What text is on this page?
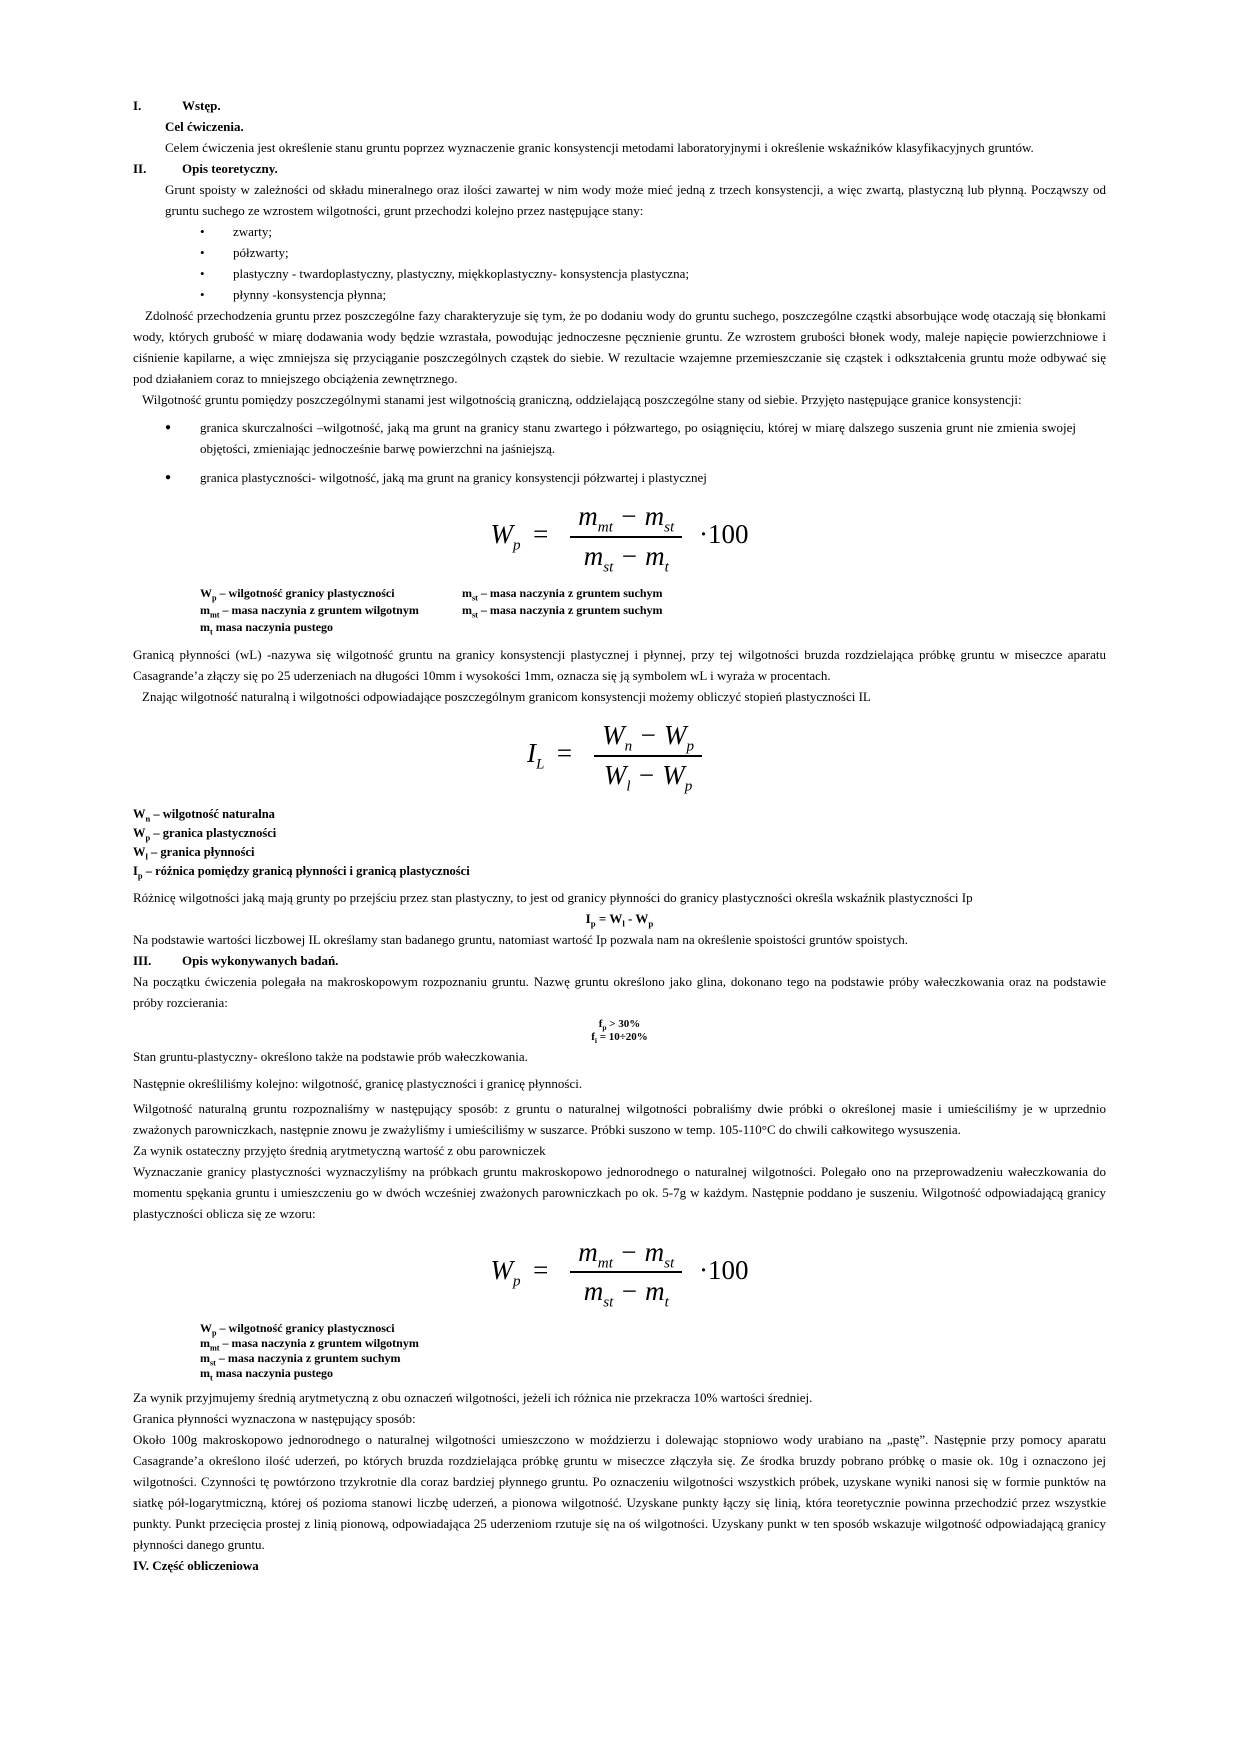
I.	Wstęp.
Cel ćwiczenia.

Celem ćwiczenia jest określenie stanu gruntu poprzez wyznaczenie granic konsystencji metodami laboratoryjnymi i określenie wskaźników klasyfikacyjnych gruntów.

II.	Opis teoretyczny.

Grunt spoisty w zależności od składu mineralnego oraz ilości zawartej w nim wody może mieć jedną z trzech konsystencji, a więc zwartą, plastyczną lub płynną. Począwszy od gruntu suchego ze wzrostem wilgotności, grunt przechodzi kolejno przez następujące stany:

• zwarty;
• półzwarty;
• plastyczny - twardoplastyczny, plastyczny, miękkoplastyczny- konsystencja plastyczna;
• płynny -konsystencja płynna;

Zdolność przechodzenia gruntu przez poszczególne fazy charakteryzuje się tym, że po dodaniu wody do gruntu suchego, poszczególne cząstki absorbujące wodę otaczają się błonkami wody, których grubość w miarę dodawania wody będzie wzrastała, powodując jednoczesne pęcznienie gruntu. Ze wzrostem grubości błonek wody, maleje napięcie powierzchniowe i ciśnienie kapilarne, a więc zmniejsza się przyciąganie poszczególnych cząstek do siebie. W rezultacie wzajemne przemieszczanie się cząstek i odkształcenia gruntu może odbywać się pod działaniem coraz to mniejszego obciążenia zewnętrznego.

Wilgotność gruntu pomiędzy poszczególnymi stanami jest wilgotnością graniczną, oddzielającą poszczególne stany od siebie. Przyjęto następujące granice konsystencji:

● granica skurczalności –wilgotność, jaką ma grunt na granicy stanu zwartego i półzwartego, po osiągnięciu, której w miarę dalszego suszenia grunt nie zmienia swojej objętości, zmieniając jednocześnie barwę powierzchni na jaśniejszą.
● granica plastyczności- wilgotność, jaką ma grunt na granicy konsystencji półzwartej i plastycznej
$W_p = \frac{m_{mt} - m_{st}}{m_{st} - m_t} \cdot 100$
$W_p$ – wilgotność granicy plastyczności	$m_{st}$ – masa naczynia z gruntem suchym
$m_{mt}$ – masa naczynia z gruntem wilgotnym	$m_{st}$ – masa naczynia z gruntem suchym
$m_t$ masa naczynia pustego

Granicą płynności (wL) -nazywa się wilgotność gruntu na granicy konsystencji plastycznej i płynnej, przy tej wilgotności bruzda rozdzielająca próbkę gruntu w miseczce aparatu Casagrande’a złączy się po 25 uderzeniach na długości 10mm i wysokości 1mm, oznacza się ją symbolem wL i wyraża w procentach.

Znając wilgotność naturalną i wilgotności odpowiadające poszczególnym granicom konsystencji możemy obliczyć stopień plastyczności IL

$I_L = \frac{W_n - W_p}{W_l - W_p}$
$W_n$ – wilgotność naturalna
$W_p$ – granica plastyczności
$W_l$ – granica płynności
$I_p$ – różnica pomiędzy granicą płynności i granicą plastyczności

Różnicę wilgotności jaką mają grunty po przejściu przez stan plastyczny, to jest od granicy płynności do granicy plastyczności określa wskaźnik plastyczności Ip

$I_p = W_l - W_p$

Na podstawie wartości liczbowej IL określamy stan badanego gruntu, natomiast wartość Ip pozwala nam na określenie spoistości gruntów spoistych.

III. Opis wykonywanych badań.

Na początku ćwiczenia polegała na makroskopowym rozpoznaniu gruntu. Nazwę gruntu określono jako glina, dokonano tego na podstawie próby wałeczkowania oraz na podstawie próby rozcierania:

$f_p > 30\%$
$f_i = 10\div 20\%$

Stan gruntu-plastyczny- określono także na podstawie prób wałeczkowania.

Następnie określiliśmy kolejno: wilgotność, granicę plastyczności i granicę płynności.

Wilgotność naturalną gruntu rozpoznaliśmy w następujący sposób: z gruntu o naturalnej wilgotności pobraliśmy dwie próbki o określonej masie i umieściliśmy je w uprzednio zważonych parowniczkach, następnie znowu je zważyliśmy i umieściliśmy w suszarce. Próbki suszono w temp. 105-110°C do chwili całkowitego wysuszenia.

Za wynik ostateczny przyjęto średnią arytmetyczną wartość z obu parowniczek

Wyznaczanie granicy plastyczności wyznaczyliśmy na próbkach gruntu makroskopowo jednorodnego o naturalnej wilgotności. Polegało ono na przeprowadzeniu wałeczkowania do momentu spękania gruntu i umieszczeniu go w dwóch wcześniej zważonych parowniczkach po ok. 5-7g w każdym. Następnie poddano je suszeniu. Wilgotność odpowiadającą granicy plastyczności oblicza się ze wzoru:

$W_p = \frac{m_{mt} - m_{st}}{m_{st} - m_t} \cdot 100$
$W_p$ – wilgotność granicy plastycznosci
$m_{mt}$ – masa naczynia z gruntem wilgotnym
$m_{st}$ – masa naczynia z gruntem suchym
$m_t$ masa naczynia pustego

Za wynik przyjmujemy średnią arytmetyczną z obu oznaczeń wilgotności, jeżeli ich różnica nie przekracza 10% wartości średniej.

Granica płynności wyznaczona w następujący sposób:

Około 100g makroskopowo jednorodnego o naturalnej wilgotności umieszczono w moździerzu i dolewając stopniowo wody urabiano na „pastę”. Następnie przy pomocy aparatu Casagrande’a określono ilość uderzeń, po których bruzda rozdzielająca próbkę gruntu w miseczce złączyła się. Ze środka bruzdy pobrano próbkę o masie ok. 10g i oznaczono jej wilgotności. Czynności tę powtórzono trzykrotnie dla coraz bardziej płynnego gruntu. Po oznaczeniu wilgotności wszystkich próbek, uzyskane wyniki nanosi się w formie punktów na siatkę pół-logarytmiczną, której oś pozioma stanowi liczbę uderzeń, a pionowa wilgotność. Uzyskane punkty łączy się linią, która teoretycznie powinna przechodzić przez wszystkie punkty. Punkt przecięcia prostej z linią pionową, odpowiadająca 25 uderzeniom rzutuje się na oś wilgotności. Uzyskany punkt w ten sposób wskazuje wilgotność odpowiadającą granicy płynności danego gruntu.

IV. Część obliczeniowa
